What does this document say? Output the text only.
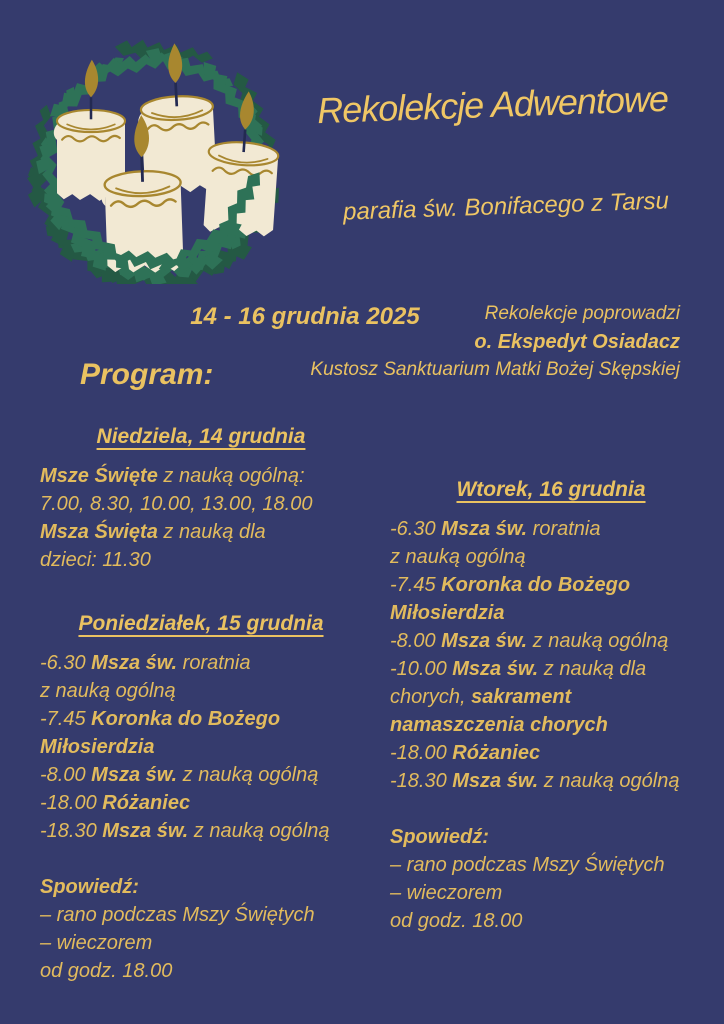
Rekolekcje Adwentowe
parafia św. Bonifacego z Tarsu
14 - 16 grudnia 2025	Rekolekcje poprowadzi
o. Ekspedyt Osiadacz
Kustosz Sanktuarium Matki Bożej Skępskiej
Program:
Niedziela, 14 grudnia
Msze Święte z nauką ogólną:
7.00, 8.30, 10.00, 13.00, 18.00
Msza Święta z nauką dla
dzieci: 11.30
Poniedziałek, 15 grudnia
-6.30 Msza św. roratnia
z nauką ogólną
-7.45 Koronka do Bożego
Miłosierdzia
-8.00 Msza św. z nauką ogólną
-18.00 Różaniec
-18.30 Msza św. z nauką ogólną
Spowiedź:
– rano podczas Mszy Świętych
– wieczorem
od godz. 18.00
Wtorek, 16 grudnia
-6.30 Msza św. roratnia
z nauką ogólną
-7.45 Koronka do Bożego
Miłosierdzia
-8.00 Msza św. z nauką ogólną
-10.00 Msza św. z nauką dla
chorych, sakrament
namaszczenia chorych
-18.00 Różaniec
-18.30 Msza św. z nauką ogólną
Spowiedź:
– rano podczas Mszy Świętych
– wieczorem
od godz. 18.00
